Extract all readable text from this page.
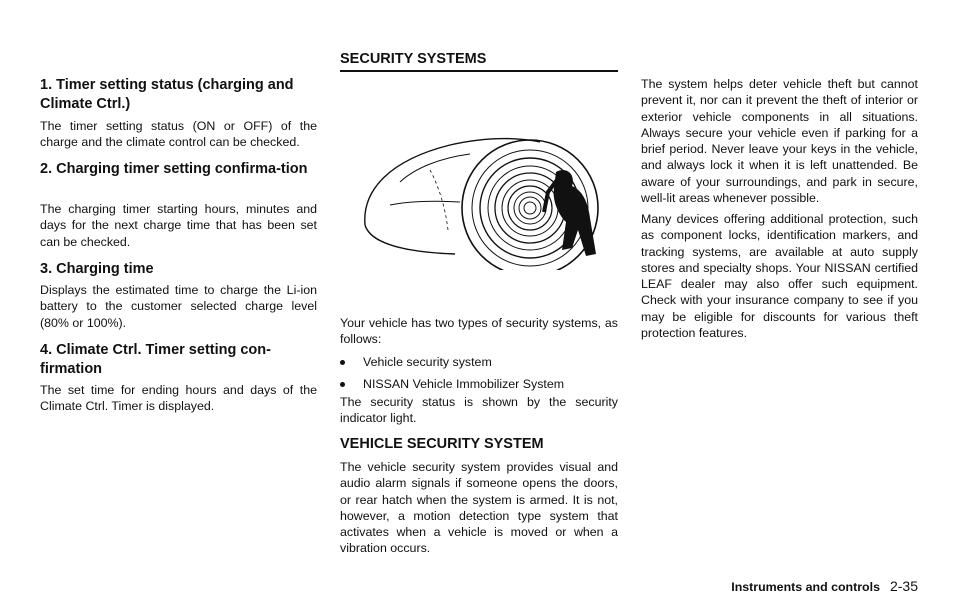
1. Timer setting status (charging and Climate Ctrl.)

The timer setting status (ON or OFF) of the charge and the climate control can be checked.

2. Charging timer setting confirma-tion

The charging timer starting hours, minutes and days for the next charge time that has been set can be checked.

3. Charging time

Displays the estimated time to charge the Li-ion battery to the customer selected charge level (80% or 100%).

4. Climate Ctrl. Timer setting con-firmation

The set time for ending hours and days of the Climate Ctrl. Timer is displayed.

SECURITY SYSTEMS

Your vehicle has two types of security systems, as follows:

Vehicle security system
NISSAN Vehicle Immobilizer System

The security status is shown by the security indicator light.

VEHICLE SECURITY SYSTEM

The vehicle security system provides visual and audio alarm signals if someone opens the doors, or rear hatch when the system is armed. It is not, however, a motion detection type system that activates when a vehicle is moved or when a vibration occurs.

The system helps deter vehicle theft but cannot prevent it, nor can it prevent the theft of interior or exterior vehicle components in all situations. Always secure your vehicle even if parking for a brief period. Never leave your keys in the vehicle, and always lock it when it is left unattended. Be aware of your surroundings, and park in secure, well-lit areas whenever possible.

Many devices offering additional protection, such as component locks, identification markers, and tracking systems, are available at auto supply stores and specialty shops. Your NISSAN certified LEAF dealer may also offer such equipment. Check with your insurance company to see if you may be eligible for discounts for various theft protection features.

Instruments and controls 2-35
